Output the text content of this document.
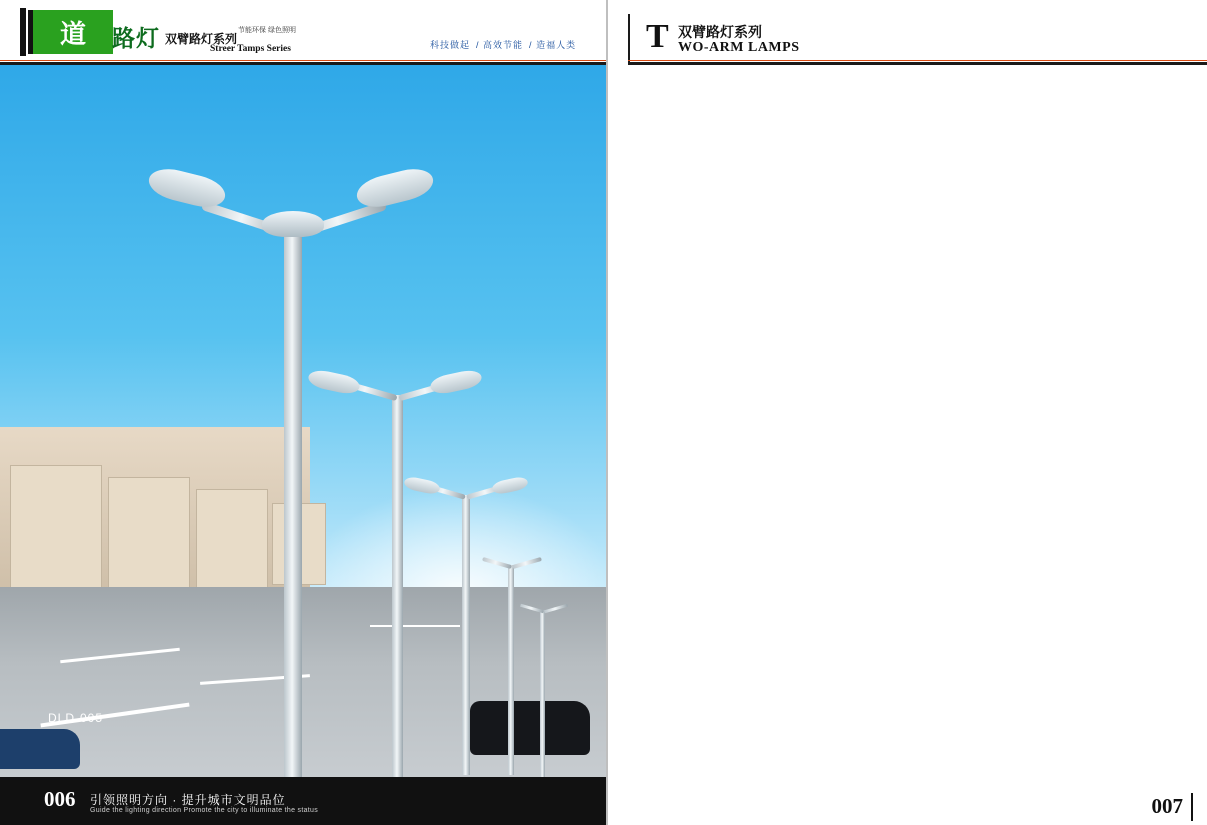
道 路灯 双臂路灯系列
节能环保 绿色照明
Streer Tamps Series	科技做起 / 高效节能 / 造福人类
DLD-005
006 引领照明方向 · 提升城市文明品位
Guide the lighting direction Promote the city to illuminate the status
T 双臂路灯系列
WO-ARM LAMPS
007
